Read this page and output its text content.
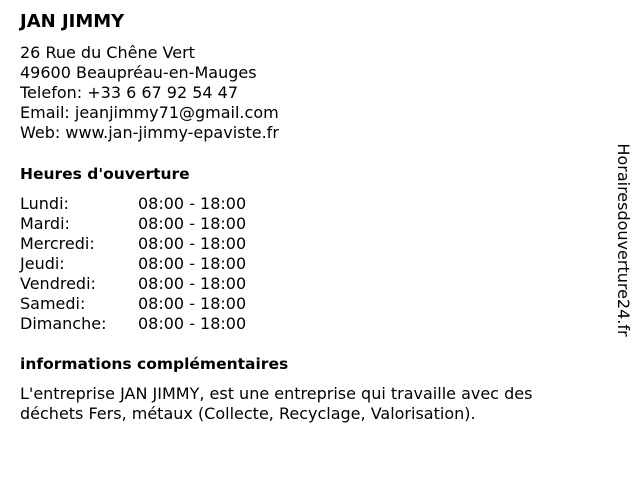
JAN JIMMY
26 Rue du Chêne Vert
49600 Beaupréau-en-Mauges
Telefon: +33 6 67 92 54 47
Email: jeanjimmy71@gmail.com
Web: www.jan-jimmy-epaviste.fr
Heures d'ouverture
Lundi:	08:00 - 18:00
Mardi:	08:00 - 18:00
Mercredi:	08:00 - 18:00
Jeudi:	08:00 - 18:00
Vendredi:	08:00 - 18:00
Samedi:	08:00 - 18:00
Dimanche: 08:00 - 18:00
informations complémentaires
L'entreprise JAN JIMMY, est une entreprise qui travaille avec des
déchets Fers, métaux (Collecte, Recyclage, Valorisation).
Horairesdouverture24.fr
